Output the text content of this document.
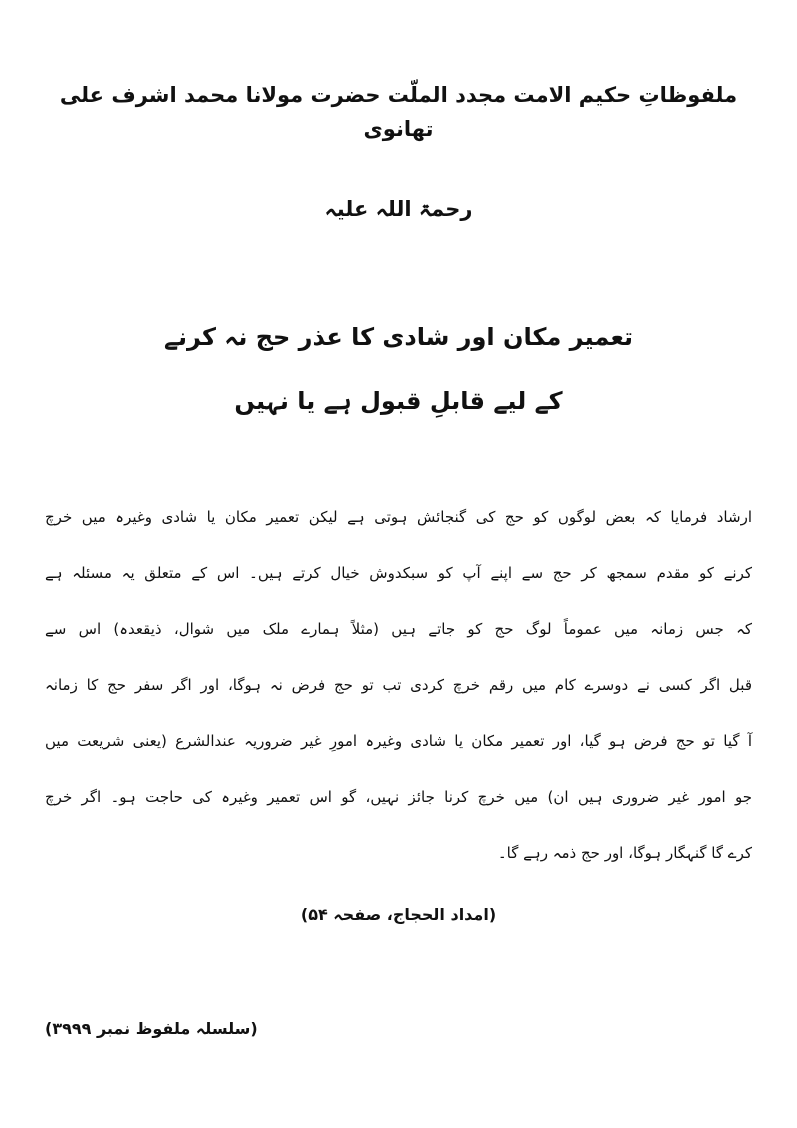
ملفوظاتِ حکیم الامت مجدد الملّت حضرت مولانا محمد اشرف علی تھانوی
رحمۃ اللہ علیہ
تعمیر مکان اور شادی کا عذر حج نہ کرنے
کے لیے قابلِ قبول ہے یا نہیں
ارشاد فرمایا کہ بعض لوگوں کو حج کی گنجائش ہوتی ہے لیکن تعمیر مکان یا شادی وغیرہ میں خرچ
کرنے کو مقدم سمجھ کر حج سے اپنے آپ کو سبکدوش خیال کرتے ہیں۔ اس کے متعلق یہ مسئلہ ہے
کہ جس زمانہ میں عموماً لوگ حج کو جاتے ہیں (مثلاً ہمارے ملک میں شوال، ذیقعدہ) اس سے
قبل اگر کسی نے دوسرے کام میں رقم خرچ کردی تب تو حج فرض نہ ہوگا، اور اگر سفر حج کا زمانہ
آ گیا تو حج فرض ہو گیا، اور تعمیر مکان یا شادی وغیرہ امورِ غیر ضروریہ عندالشرع (یعنی شریعت میں
جو امور غیر ضروری ہیں ان) میں خرچ کرنا جائز نہیں، گو اس تعمیر وغیرہ کی حاجت ہو۔ اگر خرچ
کرے گا گنہگار ہوگا، اور حج ذمہ رہے گا۔
(امداد الحجاج، صفحہ ۵۴)
(سلسلہ ملفوظ نمبر ۳۹۹۹)
